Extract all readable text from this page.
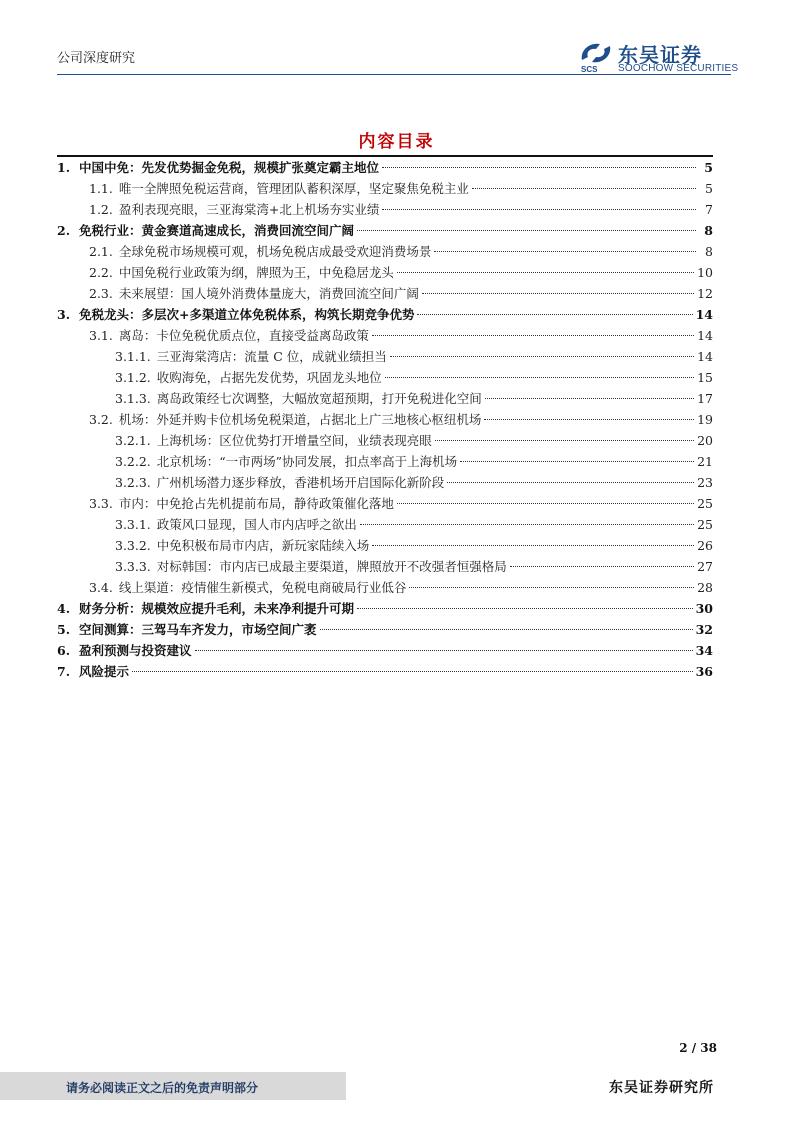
公司深度研究
SCS
东吴证券
SOOCHOW SECURITIES
内容目录
1. 中国中免：先发优势掘金免税，规模扩张奠定霸主地位	5
1.1. 唯一全牌照免税运营商，管理团队蓄积深厚，坚定聚焦免税主业	5
1.2. 盈利表现亮眼，三亚海棠湾+北上机场夯实业绩	7
2. 免税行业：黄金赛道高速成长，消费回流空间广阔	8
2.1. 全球免税市场规模可观，机场免税店成最受欢迎消费场景	8
2.2. 中国免税行业政策为纲，牌照为王，中免稳居龙头	10
2.3. 未来展望：国人境外消费体量庞大，消费回流空间广阔	12
3. 免税龙头：多层次+多渠道立体免税体系，构筑长期竞争优势	14
3.1. 离岛：卡位免税优质点位，直接受益离岛政策	14
3.1.1. 三亚海棠湾店：流量 C 位，成就业绩担当	14
3.1.2. 收购海免，占据先发优势，巩固龙头地位	15
3.1.3. 离岛政策经七次调整，大幅放宽超预期，打开免税进化空间	17
3.2. 机场：外延并购卡位机场免税渠道，占据北上广三地核心枢纽机场	19
3.2.1. 上海机场：区位优势打开增量空间，业绩表现亮眼	20
3.2.2. 北京机场：“一市两场”协同发展，扣点率高于上海机场	21
3.2.3. 广州机场潜力逐步释放，香港机场开启国际化新阶段	23
3.3. 市内：中免抢占先机提前布局，静待政策催化落地	25
3.3.1. 政策风口显现，国人市内店呼之欲出	25
3.3.2. 中免积极布局市内店，新玩家陆续入场	26
3.3.3. 对标韩国：市内店已成最主要渠道，牌照放开不改强者恒强格局	27
3.4. 线上渠道：疫情催生新模式，免税电商破局行业低谷	28
4. 财务分析：规模效应提升毛利，未来净利提升可期	30
5. 空间测算：三驾马车齐发力，市场空间广袤	32
6. 盈利预测与投资建议	34
7. 风险提示	36
2 / 38
请务必阅读正文之后的免责声明部分	东吴证券研究所
